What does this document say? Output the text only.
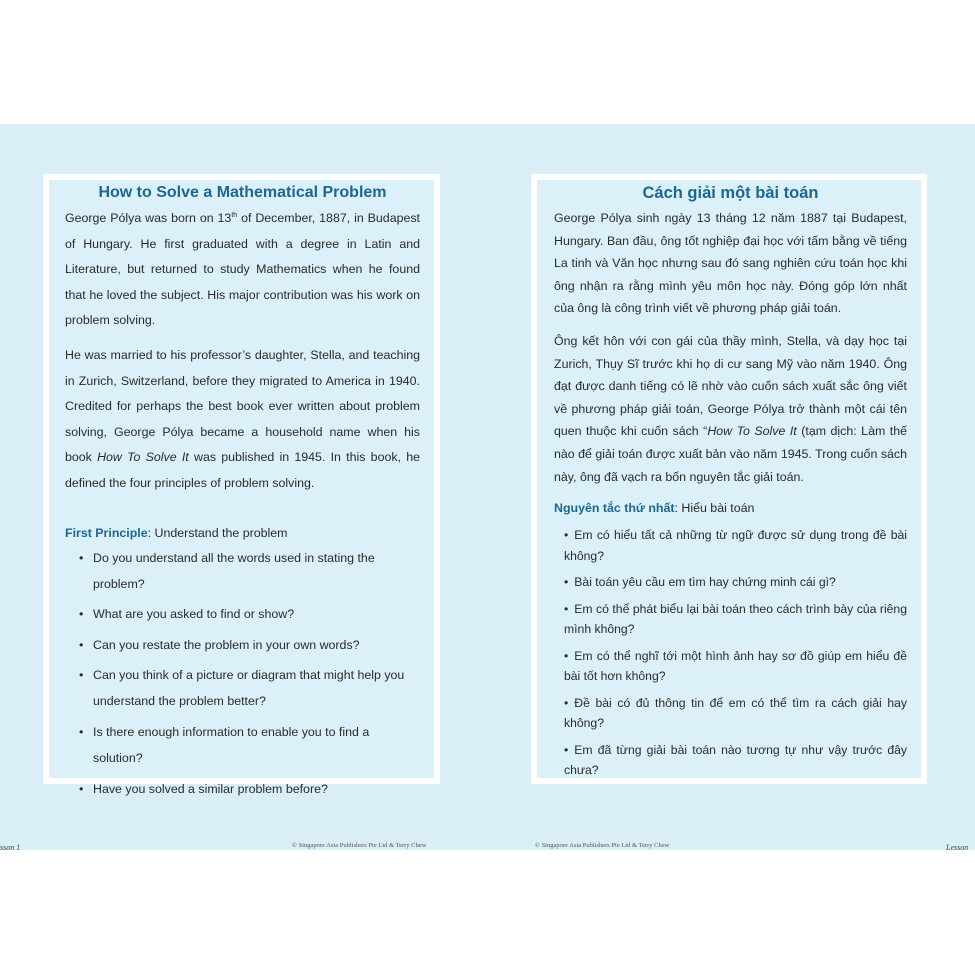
How to Solve a Mathematical Problem

George Pólya was born on 13th of December, 1887, in Budapest of Hungary. He first graduated with a degree in Latin and Literature, but returned to study Mathematics when he found that he loved the subject. His major contribution was his work on problem solving.

He was married to his professor’s daughter, Stella, and teaching in Zurich, Switzerland, before they migrated to America in 1940. Credited for perhaps the best book ever written about problem solving, George Pólya became a household name when his book How To Solve It was published in 1945. In this book, he defined the four principles of problem solving.

First Principle: Understand the problem

• Do you understand all the words used in stating the problem?
• What are you asked to find or show?
• Can you restate the problem in your own words?
• Can you think of a picture or diagram that might help you understand the problem better?
• Is there enough information to enable you to find a solution?
• Have you solved a similar problem before?
Cách giải một bài toán

George Pólya sinh ngày 13 tháng 12 năm 1887 tại Budapest, Hungary. Ban đầu, ông tốt nghiệp đại học với tấm bằng về tiếng La tinh và Văn học nhưng sau đó sang nghiên cứu toán học khi ông nhận ra rằng mình yêu môn học này. Đóng góp lớn nhất của ông là công trình viết về phương pháp giải toán.

Ông kết hôn với con gái của thầy mình, Stella, và dạy học tại Zurich, Thụy Sĩ trước khi họ di cư sang Mỹ vào năm 1940. Ông đạt được danh tiếng có lẽ nhờ vào cuốn sách xuất sắc ông viết về phương pháp giải toán, George Pólya trở thành một cái tên quen thuộc khi cuốn sách “How To Solve It (tạm dịch: Làm thế nào để giải toán được xuất bản vào năm 1945. Trong cuốn sách này, ông đã vạch ra bốn nguyên tắc giải toán.

Nguyên tắc thứ nhất: Hiểu bài toán

• Em có hiểu tất cả những từ ngữ được sử dụng trong đề bài không?
• Bài toán yêu cầu em tìm hay chứng minh cái gì?
• Em có thể phát biểu lại bài toán theo cách trình bày của riêng mình không?
• Em có thể nghĩ tới một hình ảnh hay sơ đồ giúp em hiểu đề bài tốt hơn không?
• Đề bài có đủ thông tin để em có thể tìm ra cách giải hay không?
• Em đã từng giải bài toán nào tương tự như vậy trước đây chưa?
sson 1	© Singapore Asia Publishers Pte Ltd & Terry Chew	© Singapore Asia Publishers Pte Ltd & Terry Chew	Lesson
